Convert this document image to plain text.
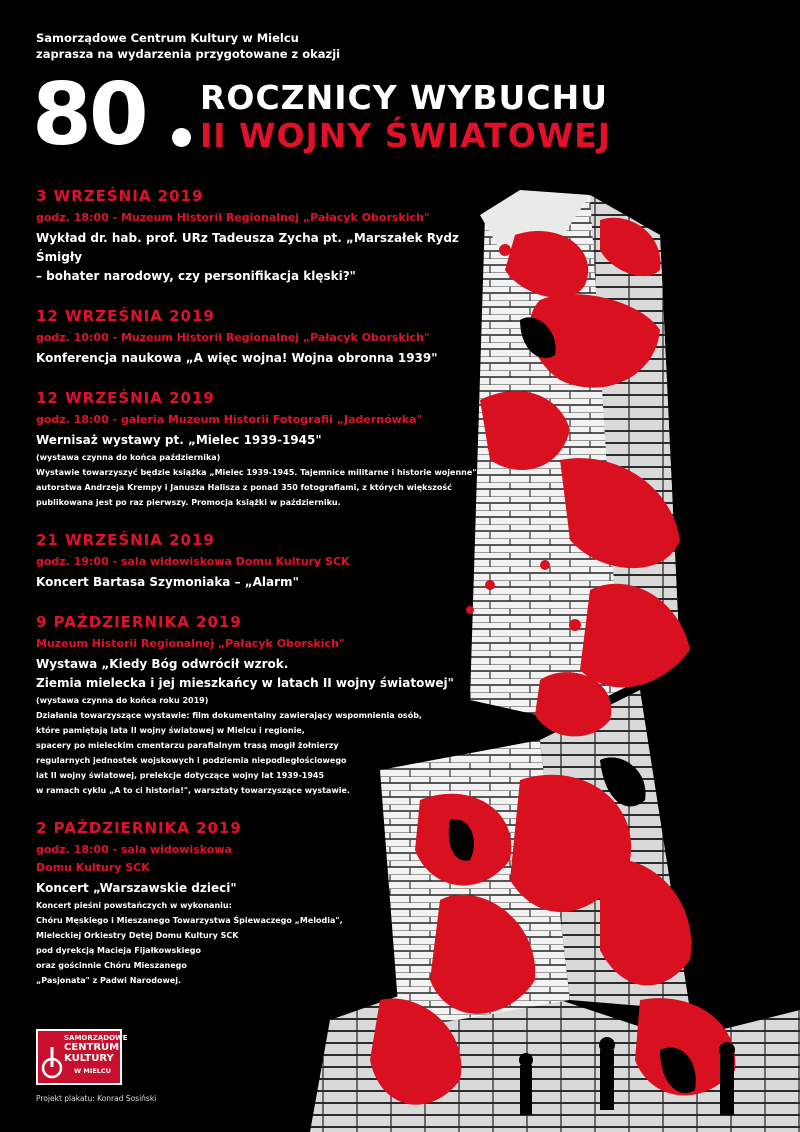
Samorządowe Centrum Kultury w Mielcu
zaprasza na wydarzenia przygotowane z okazji
80 ROCZNICY WYBUCHU
II WOJNY ŚWIATOWEJ
3 WRZEŚNIA 2019
godz. 18:00 - Muzeum Historii Regionalnej „Pałacyk Oborskich"
Wykład dr. hab. prof. URz Tadeusza Zycha pt. „Marszałek Rydz Śmigły
– bohater narodowy, czy personifikacja klęski?"
12 WRZEŚNIA 2019
godz. 10:00 - Muzeum Historii Regionalnej „Pałacyk Oborskich"
Konferencja naukowa „A więc wojna! Wojna obronna 1939"
12 WRZEŚNIA 2019
godz. 18:00 - galeria Muzeum Historii Fotografii „Jadernówka"
Wernisaż wystawy pt. „Mielec 1939-1945"
(wystawa czynna do końca października)
Wystawie towarzyszyć będzie książka „Mielec 1939-1945. Tajemnice militarne i historie wojenne"
autorstwa Andrzeja Krempy i Janusza Halisza z ponad 350 fotografiami, z których większość
publikowana jest po raz pierwszy. Promocja książki w październiku.
21 WRZEŚNIA 2019
godz. 19:00 - sala widowiskowa Domu Kultury SCK
Koncert Bartasa Szymoniaka – „Alarm"
9 PAŹDZIERNIKA 2019
Muzeum Historii Regionalnej „Pałacyk Oborskich"
Wystawa „Kiedy Bóg odwrócił wzrok.
Ziemia mielecka i jej mieszkańcy w latach II wojny światowej"
(wystawa czynna do końca roku 2019)
Działania towarzyszące wystawie: film dokumentalny zawierający wspomnienia osób,
które pamiętają lata II wojny światowej w Mielcu i regionie,
spacery po mieleckim cmentarzu parafialnym trasą mogił żołnierzy
regularnych jednostek wojskowych i podziemia niepodległościowego
lat II wojny światowej, prelekcje dotyczące wojny lat 1939-1945
w ramach cyklu „A to ci historia!", warsztaty towarzyszące wystawie.
2 PAŹDZIERNIKA 2019
godz. 18:00 - sala widowiskowa
Domu Kultury SCK
Koncert „Warszawskie dzieci"
Koncert pieśni powstańczych w wykonaniu:
Chóru Męskiego i Mieszanego Towarzystwa Śpiewaczego „Melodia",
Mieleckiej Orkiestry Dętej Domu Kultury SCK
pod dyrekcją Macieja Fijałkowskiego
oraz gościnnie Chóru Mieszanego
„Pasjonata" z Padwi Narodowej.
SAMORZĄDOWE
CENTRUM
KULTURY
W MIELCU
Projekt plakatu: Konrad Sosiński
